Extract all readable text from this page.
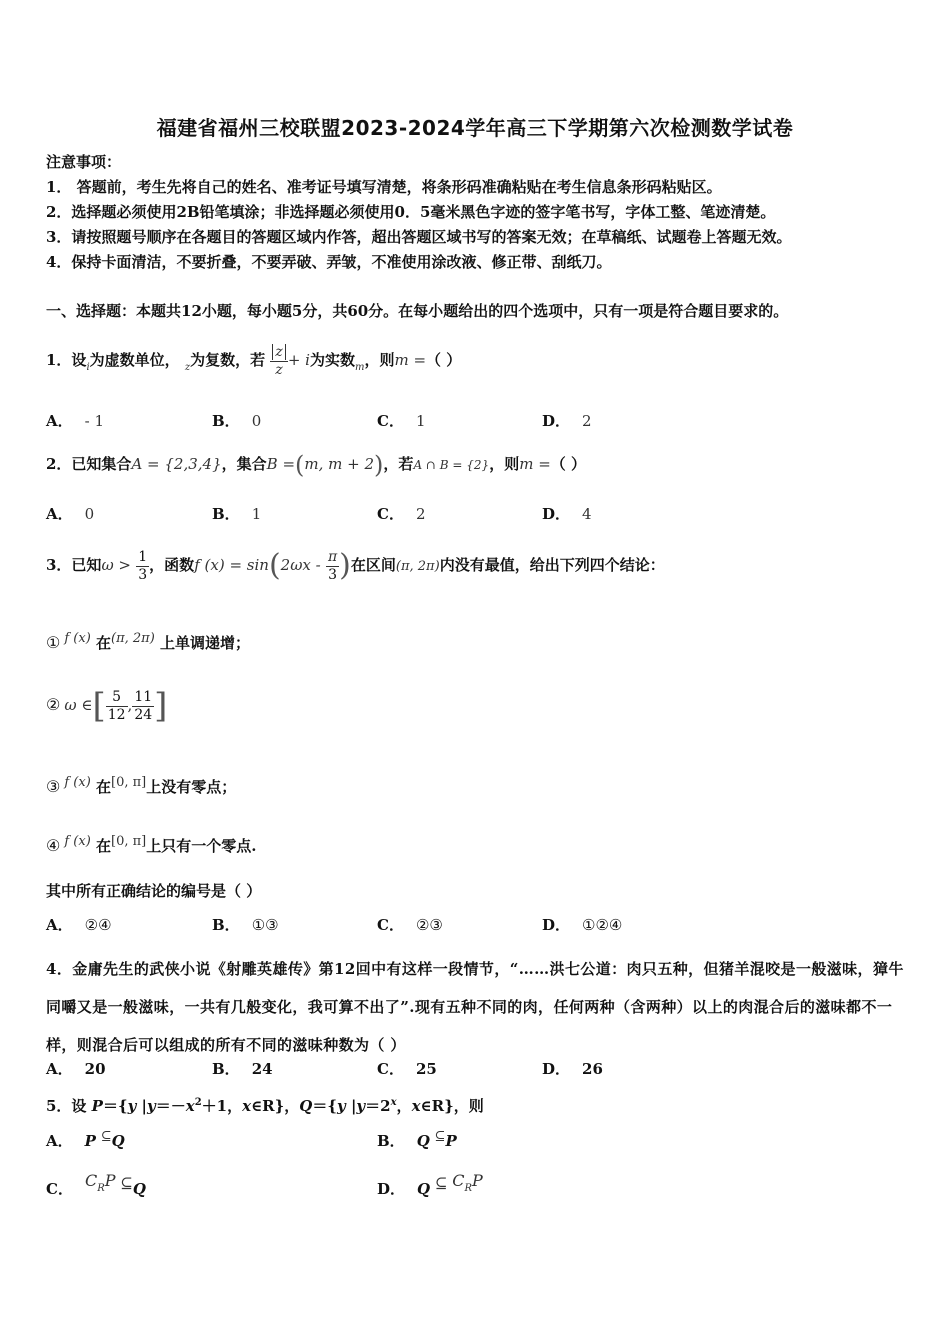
福建省福州三校联盟2023-2024学年高三下学期第六次检测数学试卷
注意事项：
1． 答题前，考生先将自己的姓名、准考证号填写清楚，将条形码准确粘贴在考生信息条形码粘贴区。
2．选择题必须使用2B铅笔填涂；非选择题必须使用0．5毫米黑色字迹的签字笔书写，字体工整、笔迹清楚。
3．请按照题号顺序在各题目的答题区域内作答，超出答题区域书写的答案无效；在草稿纸、试题卷上答题无效。
4．保持卡面清洁，不要折叠，不要弄破、弄皱，不准使用涂改液、修正带、刮纸刀。
一、选择题：本题共12小题，每小题5分，共60分。在每小题给出的四个选项中，只有一项是符合题目要求的。
1．设$_i$为虚数单位， $_z$为复数，若 $\frac{z}{z} + i$为实数$_m$，则m =（ ）
A． - 1	B． 0	C． 1	D． 2
2．已知集合A = {2,3,4}，集合B =(m, m + 2)，若A ∩ B = {2}，则m =（ ）
A． 0	B． 1	C． 2	D． 4
3．已知$\omega > \frac{1}{3}$ ，函数f $(x) = \sin(2\omega x - \frac{\pi}{3}$ )在区间(π, 2π)内没有最值，给出下列四个结论：
① f (x) 在(π, 2π) 上单调递增；
② ω ∈[ $\frac{5}{12}$ , $\frac{11}{24}$ ]
③ f (x) 在[0, π]上没有零点；
④ f (x) 在[0, π]上只有一个零点.
其中所有正确结论的编号是（ ）
A． ②④	B． ①③	C． ②③	D． ①②④
4．金庸先生的武侠小说《射雕英雄传》第12回中有这样一段情节，“……洪七公道：肉只五种，但猪羊混咬是一般滋味，獐牛同嚼又是一般滋味，一共有几般变化，我可算不出了”.现有五种不同的肉，任何两种（含两种）以上的肉混合后的滋味都不一样，则混合后可以组成的所有不同的滋味种数为（ ）
A． 20	B． 24	C． 25	D． 26
5．设 P＝{y $|y=-x^2+1$，x∈R}，Q＝{y $|y=2^x$，x∈R}，则
A． P ⊆Q	B． Q ⊆P
C． $C^RP$ ⊆Q	D． Q ⊆ $C^RP$
